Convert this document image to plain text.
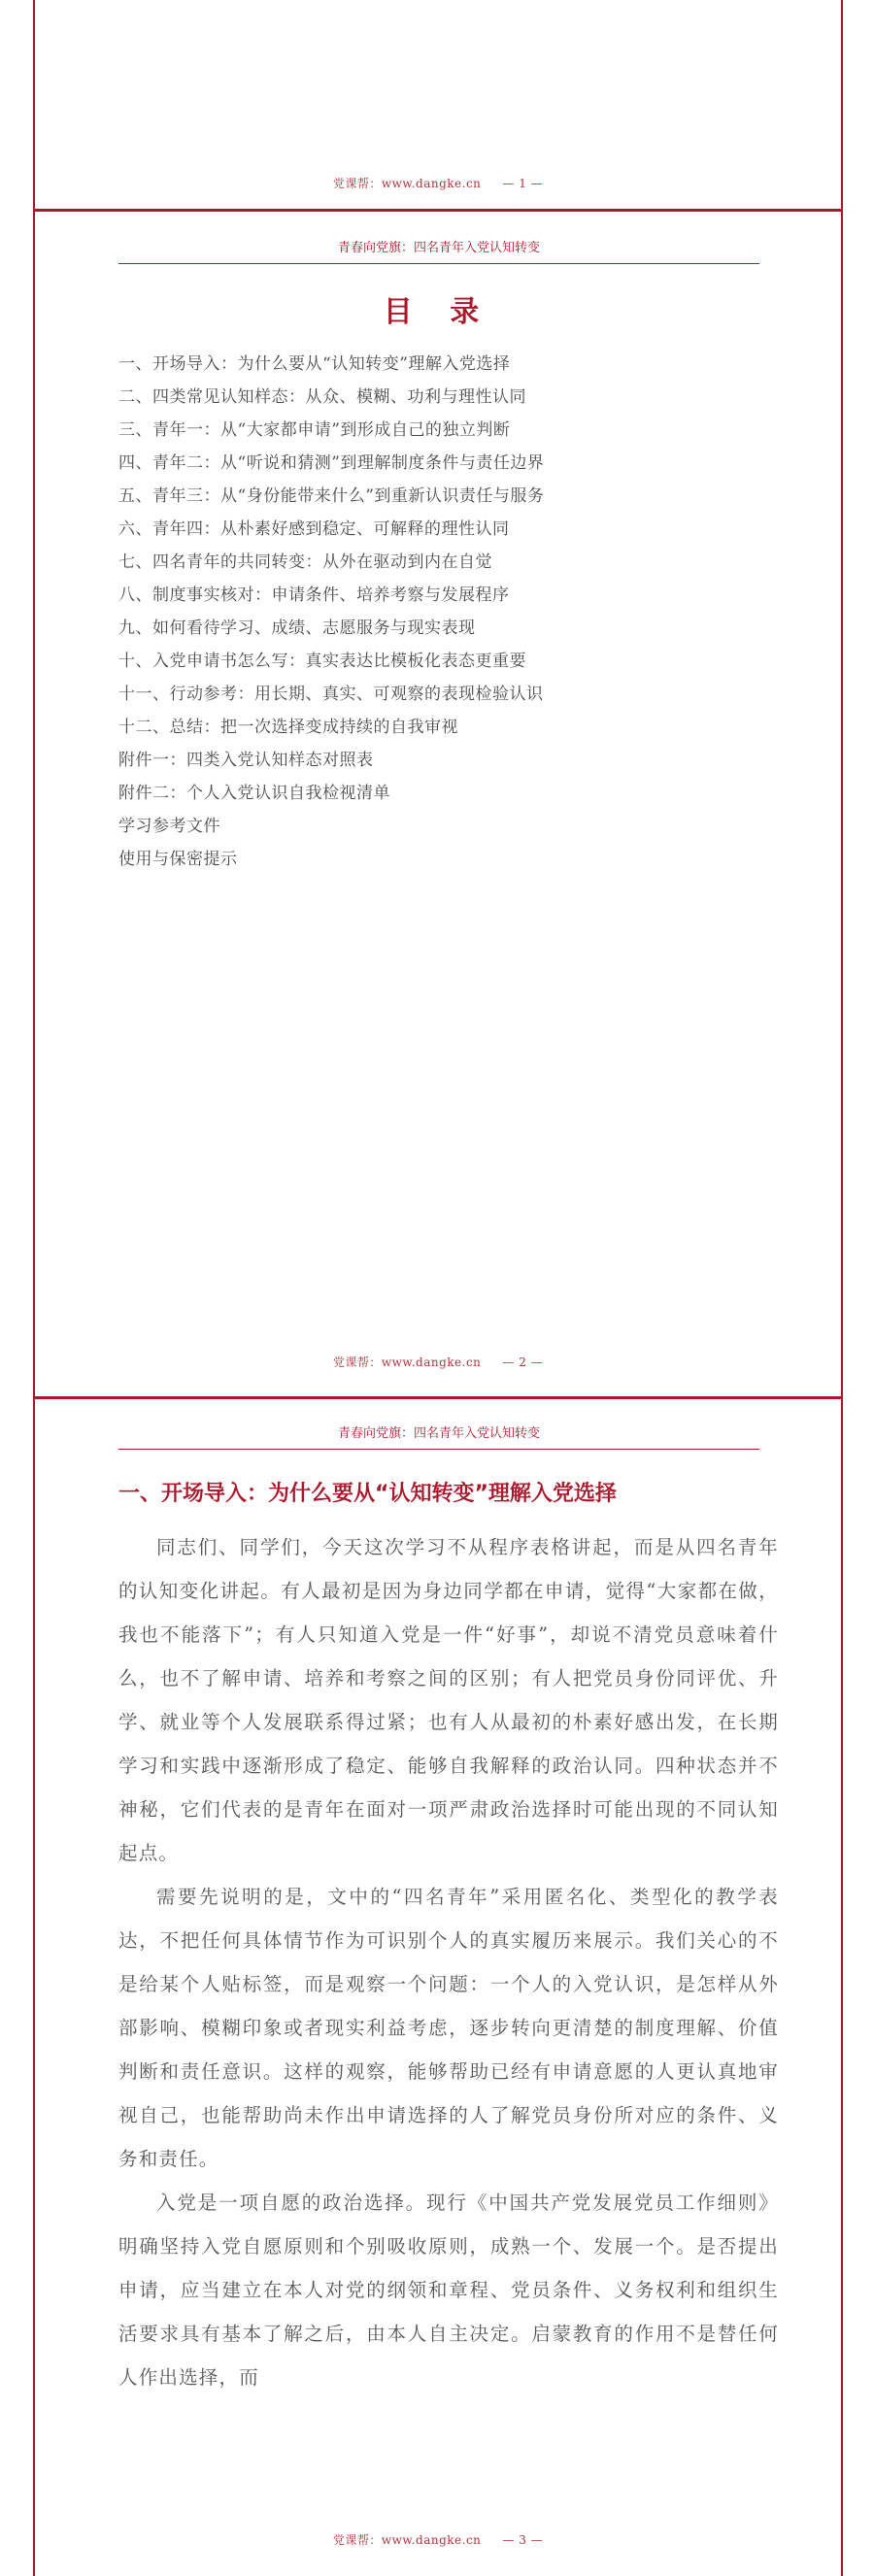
党课帮：www.dangke.cn — 1 —
青春向党旗：四名青年入党认知转变
目 录
一、开场导入：为什么要从“认知转变”理解入党选择
二、四类常见认知样态：从众、模糊、功利与理性认同
三、青年一：从“大家都申请”到形成自己的独立判断
四、青年二：从“听说和猜测”到理解制度条件与责任边界
五、青年三：从“身份能带来什么”到重新认识责任与服务
六、青年四：从朴素好感到稳定、可解释的理性认同
七、四名青年的共同转变：从外在驱动到内在自觉
八、制度事实核对：申请条件、培养考察与发展程序
九、如何看待学习、成绩、志愿服务与现实表现
十、入党申请书怎么写：真实表达比模板化表态更重要
十一、行动参考：用长期、真实、可观察的表现检验认识
十二、总结：把一次选择变成持续的自我审视
附件一：四类入党认知样态对照表
附件二：个人入党认识自我检视清单
学习参考文件
使用与保密提示
党课帮：www.dangke.cn — 2 —
青春向党旗：四名青年入党认知转变
一、开场导入：为什么要从“认知转变”理解入党选择

同志们、同学们，今天这次学习不从程序表格讲起，而是从四名青年的认知变化讲起。有人最初是因为身边同学都在申请，觉得“大家都在做，我也不能落下”；有人只知道入党是一件“好事”，却说不清党员意味着什么，也不了解申请、培养和考察之间的区别；有人把党员身份同评优、升学、就业等个人发展联系得过紧；也有人从最初的朴素好感出发，在长期学习和实践中逐渐形成了稳定、能够自我解释的政治认同。四种状态并不神秘，它们代表的是青年在面对一项严肃政治选择时可能出现的不同认知起点。

需要先说明的是，文中的“四名青年”采用匿名化、类型化的教学表达，不把任何具体情节作为可识别个人的真实履历来展示。我们关心的不是给某个人贴标签，而是观察一个问题：一个人的入党认识，是怎样从外部影响、模糊印象或者现实利益考虑，逐步转向更清楚的制度理解、价值判断和责任意识。这样的观察，能够帮助已经有申请意愿的人更认真地审视自己，也能帮助尚未作出申请选择的人了解党员身份所对应的条件、义务和责任。

入党是一项自愿的政治选择。现行《中国共产党发展党员工作细则》明确坚持入党自愿原则和个别吸收原则，成熟一个、发展一个。是否提出申请，应当建立在本人对党的纲领和章程、党员条件、义务权利和组织生活要求具有基本了解之后，由本人自主决定。启蒙教育的作用不是替任何人作出选择，而

党课帮：www.dangke.cn — 3 —
